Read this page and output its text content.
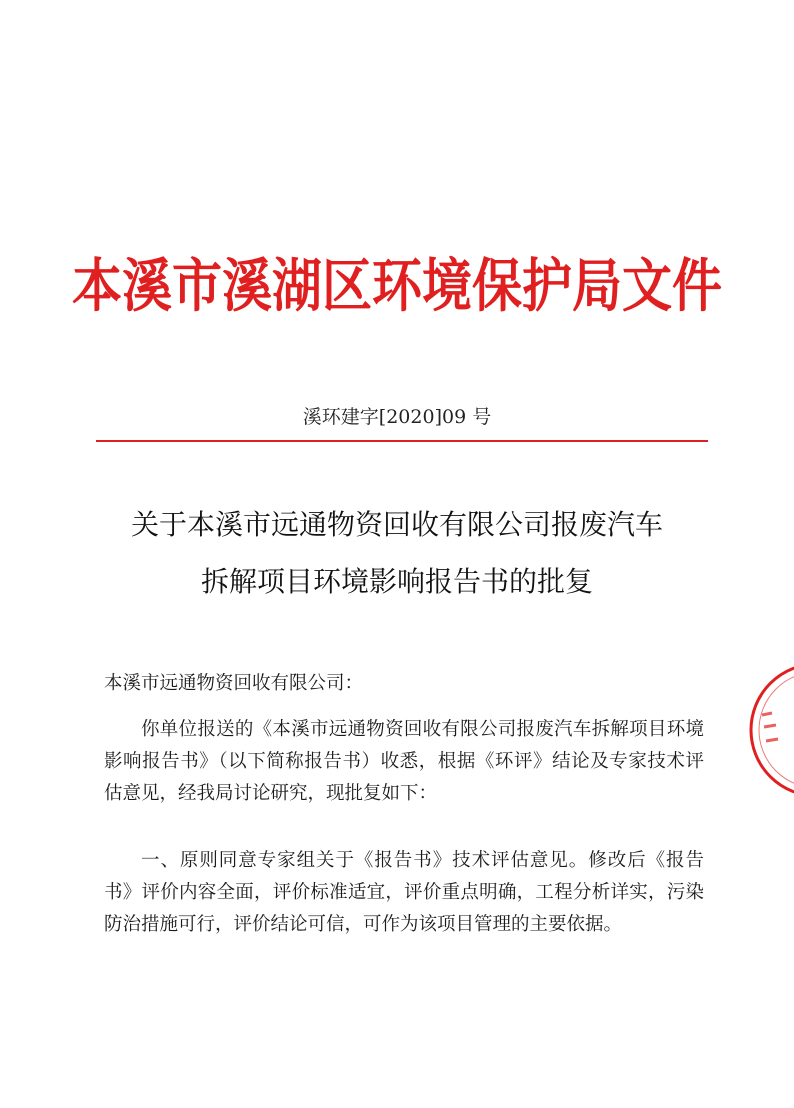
本溪市溪湖区环境保护局文件
溪环建字[2020]09 号
关于本溪市远通物资回收有限公司报废汽车
拆解项目环境影响报告书的批复
本溪市远通物资回收有限公司：

你单位报送的《本溪市远通物资回收有限公司报废汽车拆解项目环境影响报告书》（以下简称报告书）收悉，根据《环评》结论及专家技术评估意见，经我局讨论研究，现批复如下：

一、原则同意专家组关于《报告书》技术评估意见。修改后《报告书》评价内容全面，评价标准适宜，评价重点明确，工程分析详实，污染防治措施可行，评价结论可信，可作为该项目管理的主要依据。
